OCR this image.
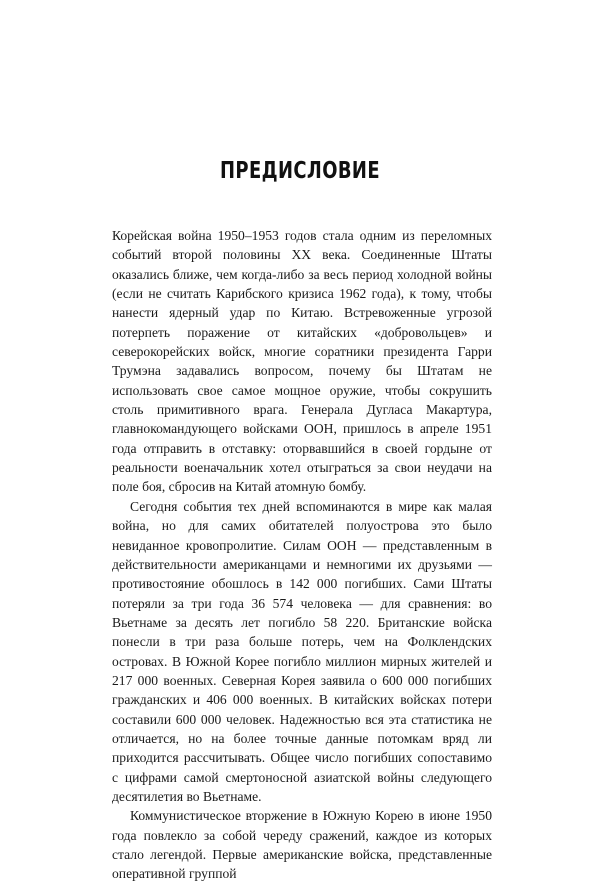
ПРЕДИСЛОВИЕ

Корейская война 1950–1953 годов стала одним из переломных событий второй половины XX века. Соединенные Штаты оказались ближе, чем когда-либо за весь период холодной войны (если не считать Карибского кризиса 1962 года), к тому, чтобы нанести ядерный удар по Китаю. Встревоженные угрозой потерпеть поражение от китайских «добровольцев» и северокорейских войск, многие соратники президента Гарри Трумэна задавались вопросом, почему бы Штатам не использовать свое самое мощное оружие, чтобы сокрушить столь примитивного врага. Генерала Дугласа Макартура, главнокомандующего войсками ООН, пришлось в апреле 1951 года отправить в отставку: оторвавшийся в своей гордыне от реальности военачальник хотел отыграться за свои неудачи на поле боя, сбросив на Китай атомную бомбу.

Сегодня события тех дней вспоминаются в мире как малая война, но для самих обитателей полуострова это было невиданное кровопролитие. Силам ООН — представленным в действительности американцами и немногими их друзьями — противостояние обошлось в 142 000 погибших. Сами Штаты потеряли за три года 36 574 человека — для сравнения: во Вьетнаме за десять лет погибло 58 220. Британские войска понесли в три раза больше потерь, чем на Фолклендских островах. В Южной Корее погибло миллион мирных жителей и 217 000 военных. Северная Корея заявила о 600 000 погибших гражданских и 406 000 военных. В китайских войсках потери составили 600 000 человек. Надежностью вся эта статистика не отличается, но на более точные данные потомкам вряд ли приходится рассчитывать. Общее число погибших сопоставимо с цифрами самой смертоносной азиатской войны следующего десятилетия во Вьетнаме.

Коммунистическое вторжение в Южную Корею в июне 1950 года повлекло за собой череду сражений, каждое из которых стало легендой. Первые американские войска, представленные оперативной группой
